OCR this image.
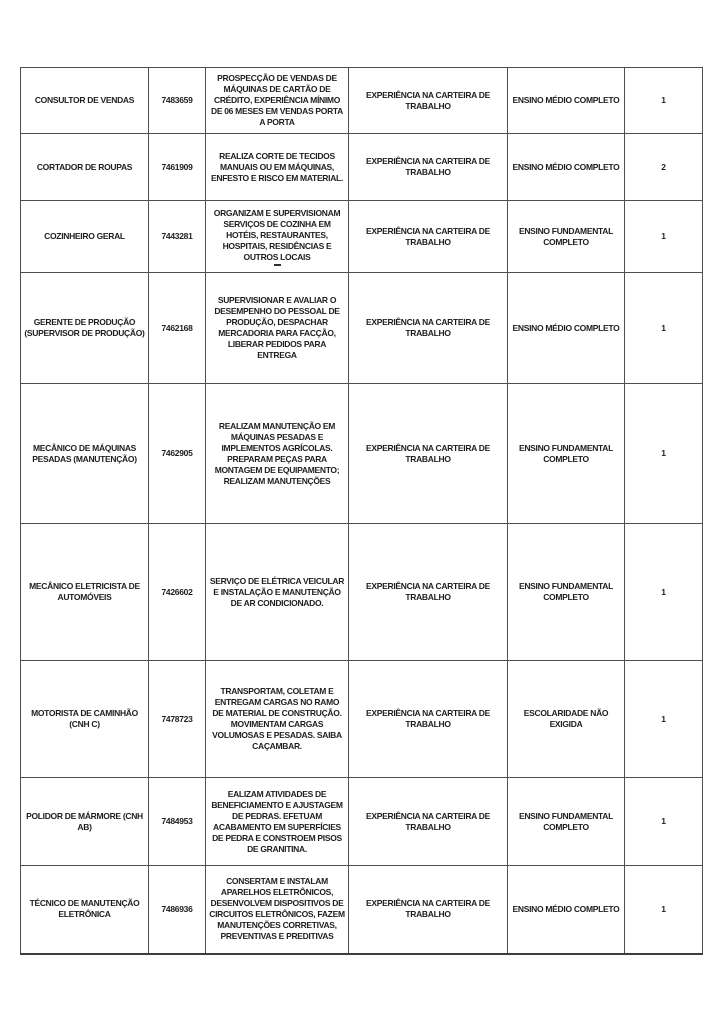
CONSULTOR DE VENDAS	7483659	PROSPECÇÃO DE VENDAS DE MÁQUINAS DE CARTÃO DE CRÉDITO, EXPERIÊNCIA MÍNIMO DE 06 MESES EM VENDAS PORTA A PORTA	EXPERIÊNCIA NA CARTEIRA DE TRABALHO	ENSINO MÉDIO COMPLETO	1

CORTADOR DE ROUPAS	7461909	REALIZA CORTE DE TECIDOS MANUAIS OU EM MÁQUINAS, ENFESTO E RISCO EM MATERIAL.	EXPERIÊNCIA NA CARTEIRA DE TRABALHO	ENSINO MÉDIO COMPLETO	2

COZINHEIRO GERAL	7443281	ORGANIZAM E SUPERVISIONAM SERVIÇOS DE COZINHA EM HOTÉIS, RESTAURANTES, HOSPITAIS, RESIDÊNCIAS E OUTROS LOCAIS	EXPERIÊNCIA NA CARTEIRA DE TRABALHO	ENSINO FUNDAMENTAL COMPLETO	1

GERENTE DE PRODUÇÃO (SUPERVISOR DE PRODUÇÃO)	7462168	SUPERVISIONAR E AVALIAR O DESEMPENHO DO PESSOAL DE PRODUÇÃO, DESPACHAR MERCADORIA PARA FACÇÃO, LIBERAR PEDIDOS PARA ENTREGA	EXPERIÊNCIA NA CARTEIRA DE TRABALHO	ENSINO MÉDIO COMPLETO	1

MECÂNICO DE MÁQUINAS PESADAS (MANUTENÇÃO)	7462905	REALIZAM MANUTENÇÃO EM MÁQUINAS PESADAS E IMPLEMENTOS AGRÍCOLAS. PREPARAM PEÇAS PARA MONTAGEM DE EQUIPAMENTO; REALIZAM MANUTENÇÕES	EXPERIÊNCIA NA CARTEIRA DE TRABALHO	ENSINO FUNDAMENTAL COMPLETO	1

MECÂNICO ELETRICISTA DE AUTOMÓVEIS	7426602	SERVIÇO DE ELÉTRICA VEICULAR E INSTALAÇÃO E MANUTENÇÃO DE AR CONDICIONADO.	EXPERIÊNCIA NA CARTEIRA DE TRABALHO	ENSINO FUNDAMENTAL COMPLETO	1

MOTORISTA DE CAMINHÃO (CNH C)	7478723	TRANSPORTAM, COLETAM E ENTREGAM CARGAS NO RAMO DE MATERIAL DE CONSTRUÇÃO. MOVIMENTAM CARGAS VOLUMOSAS E PESADAS. SAIBA CAÇAMBAR.	EXPERIÊNCIA NA CARTEIRA DE TRABALHO	ESCOLARIDADE NÃO EXIGIDA	1

POLIDOR DE MÁRMORE (CNH AB)	7484953	EALIZAM ATIVIDADES DE BENEFICIAMENTO E AJUSTAGEM DE PEDRAS. EFETUAM ACABAMENTO EM SUPERFÍCIES DE PEDRA E CONSTROEM PISOS DE GRANITINA.	EXPERIÊNCIA NA CARTEIRA DE TRABALHO	ENSINO FUNDAMENTAL COMPLETO	1

TÉCNICO DE MANUTENÇÃO ELETRÔNICA	7486936	CONSERTAM E INSTALAM APARELHOS ELETRÔNICOS, DESENVOLVEM DISPOSITIVOS DE CIRCUITOS ELETRÔNICOS, FAZEM MANUTENÇÕES CORRETIVAS, PREVENTIVAS E PREDITIVAS	EXPERIÊNCIA NA CARTEIRA DE TRABALHO	ENSINO MÉDIO COMPLETO	1
